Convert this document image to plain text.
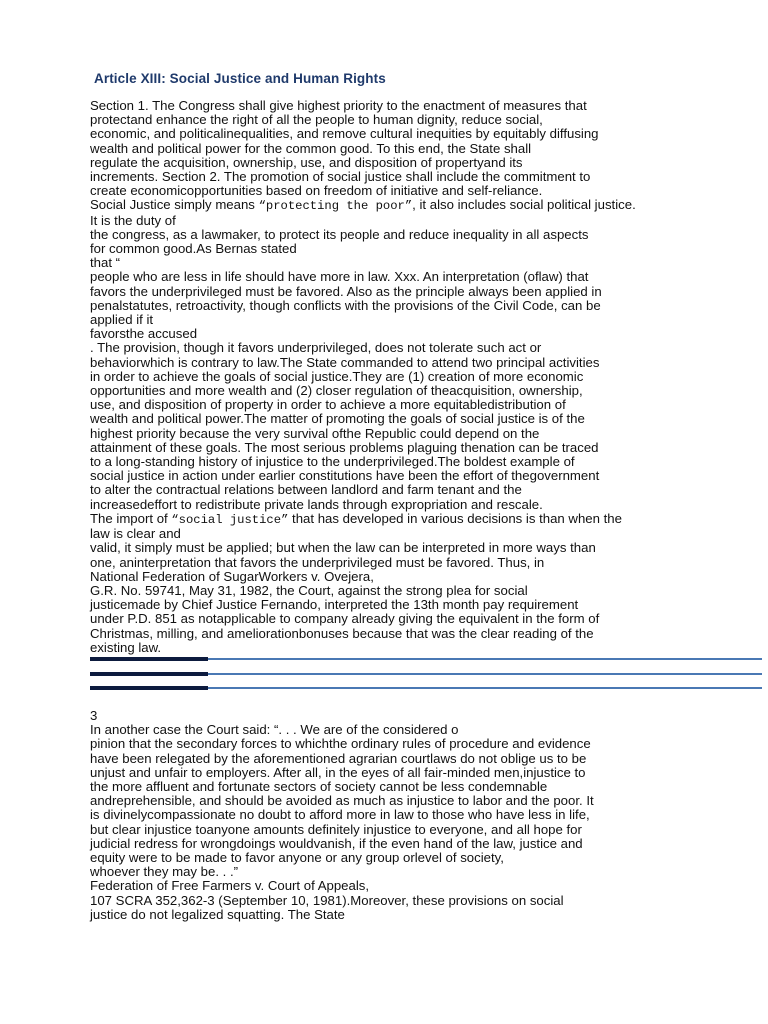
Article XIII: Social Justice and Human Rights
Section 1. The Congress shall give highest priority to the enactment of measures that
protectand enhance the right of all the people to human dignity, reduce social,
economic, and politicalinequalities, and remove cultural inequities by equitably diffusing
wealth and political power for the common good. To this end, the State shall
regulate the acquisition, ownership, use, and disposition of propertyand its
increments. Section 2. The promotion of social justice shall include the commitment to
create economicopportunities based on freedom of initiative and self-reliance.
Social Justice simply means “protecting the poor”, it also includes social political justice.
It is the duty of
the congress, as a lawmaker, to protect its people and reduce inequality in all aspects
for common good.As Bernas stated
that “
people who are less in life should have more in law. Xxx. An interpretation (oflaw) that
favors the underprivileged must be favored. Also as the principle always been applied in
penalstatutes, retroactivity, though conflicts with the provisions of the Civil Code, can be
applied if it
favorsthe accused
. The provision, though it favors underprivileged, does not tolerate such act or
behaviorwhich is contrary to law.The State commanded to attend two principal activities
in order to achieve the goals of social justice.They are (1) creation of more economic
opportunities and more wealth and (2) closer regulation of theacquisition, ownership,
use, and disposition of property in order to achieve a more equitabledistribution of
wealth and political power.The matter of promoting the goals of social justice is of the
highest priority because the very survival ofthe Republic could depend on the
attainment of these goals. The most serious problems plaguing thenation can be traced
to a long-standing history of injustice to the underprivileged.The boldest example of
social justice in action under earlier constitutions have been the effort of thegovernment
to alter the contractual relations between landlord and farm tenant and the
increasedeffort to redistribute private lands through expropriation and rescale.
The import of “social justice” that has developed in various decisions is than when the
law is clear and
valid, it simply must be applied; but when the law can be interpreted in more ways than
one, aninterpretation that favors the underprivileged must be favored. Thus, in
National Federation of SugarWorkers v. Ovejera,
G.R. No. 59741, May 31, 1982, the Court, against the strong plea for social
justicemade by Chief Justice Fernando, interpreted the 13th month pay requirement
under P.D. 851 as notapplicable to company already giving the equivalent in the form of
Christmas, milling, and ameliorationbonuses because that was the clear reading of the
existing law.
3
In another case the Court said: “. . . We are of the considered o
pinion that the secondary forces to whichthe ordinary rules of procedure and evidence
have been relegated by the aforementioned agrarian courtlaws do not oblige us to be
unjust and unfair to employers. After all, in the eyes of all fair-minded men,injustice to
the more affluent and fortunate sectors of society cannot be less condemnable
andreprehensible, and should be avoided as much as injustice to labor and the poor. It
is divinelycompassionate no doubt to afford more in law to those who have less in life,
but clear injustice toanyone amounts definitely injustice to everyone, and all hope for
judicial redress for wrongdoings wouldvanish, if the even hand of the law, justice and
equity were to be made to favor anyone or any group orlevel of society,
whoever they may be. . .”
Federation of Free Farmers v. Court of Appeals,
107 SCRA 352,362-3 (September 10, 1981).Moreover, these provisions on social
justice do not legalized squatting. The State
